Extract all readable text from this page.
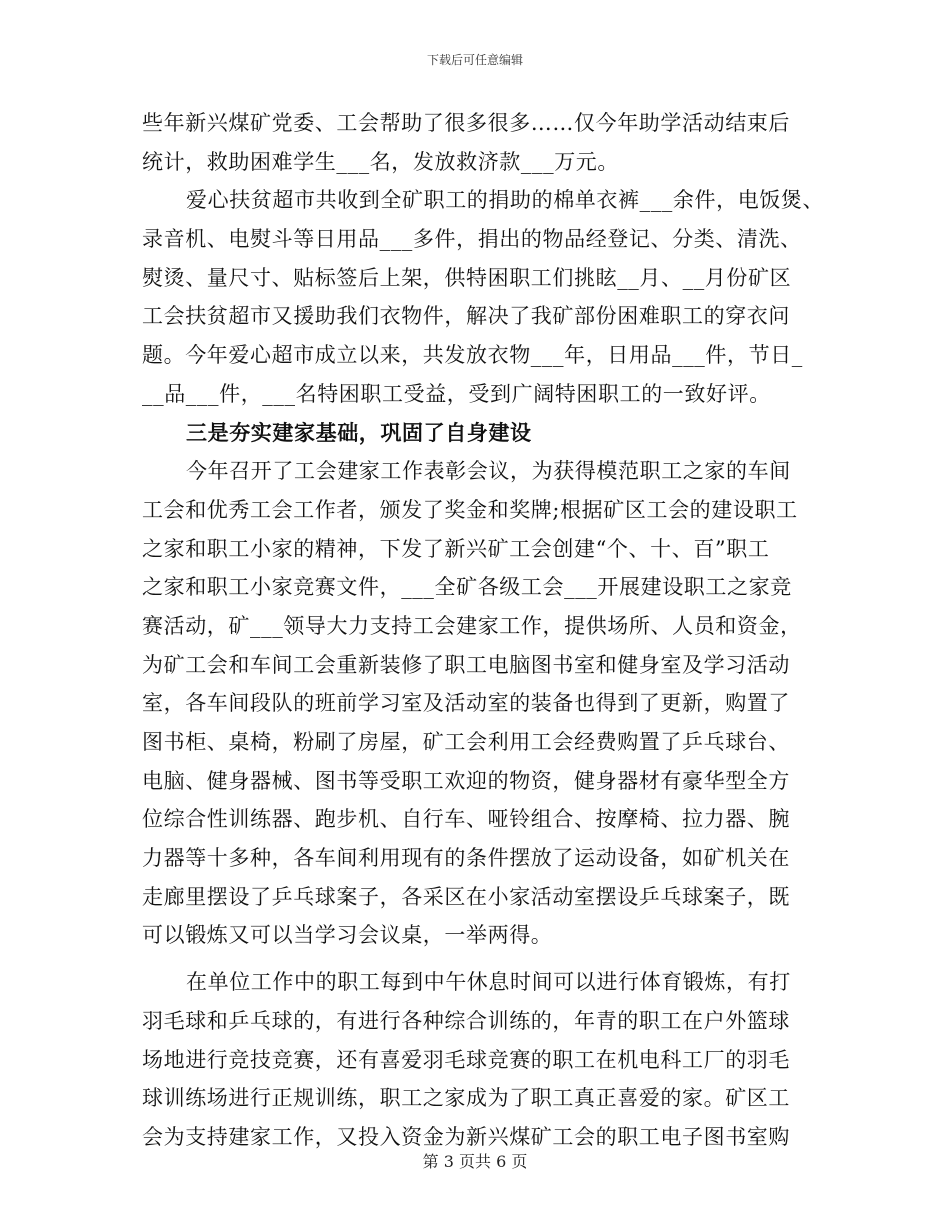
下载后可任意编辑
些年新兴煤矿党委、工会帮助了很多很多……仅今年助学活动结束后
统计，救助困难学生___名，发放救济款___万元。
爱心扶贫超市共收到全矿职工的捐助的棉单衣裤___余件，电饭煲、
录音机、电熨斗等日用品___多件，捐出的物品经登记、分类、清洗、
熨烫、量尺寸、贴标签后上架，供特困职工们挑眩__月、__月份矿区
工会扶贫超市又援助我们衣物件，解决了我矿部份困难职工的穿衣问
题。今年爱心超市成立以来，共发放衣物___年，日用品___件，节日_
__品___件，___名特困职工受益，受到广阔特困职工的一致好评。
三是夯实建家基础，巩固了自身建设
今年召开了工会建家工作表彰会议，为获得模范职工之家的车间
工会和优秀工会工作者，颁发了奖金和奖牌;根据矿区工会的建设职工
之家和职工小家的精神，下发了新兴矿工会创建“个、十、百”职工
之家和职工小家竞赛文件，___全矿各级工会___开展建设职工之家竞
赛活动，矿___领导大力支持工会建家工作，提供场所、人员和资金，
为矿工会和车间工会重新装修了职工电脑图书室和健身室及学习活动
室，各车间段队的班前学习室及活动室的装备也得到了更新，购置了
图书柜、桌椅，粉刷了房屋，矿工会利用工会经费购置了乒乓球台、
电脑、健身器械、图书等受职工欢迎的物资，健身器材有豪华型全方
位综合性训练器、跑步机、自行车、哑铃组合、按摩椅、拉力器、腕
力器等十多种，各车间利用现有的条件摆放了运动设备，如矿机关在
走廊里摆设了乒乓球案子，各采区在小家活动室摆设乒乓球案子，既
可以锻炼又可以当学习会议桌，一举两得。
在单位工作中的职工每到中午休息时间可以进行体育锻炼，有打
羽毛球和乒乓球的，有进行各种综合训练的，年青的职工在户外篮球
场地进行竞技竞赛，还有喜爱羽毛球竞赛的职工在机电科工厂的羽毛
球训练场进行正规训练，职工之家成为了职工真正喜爱的家。矿区工
会为支持建家工作，又投入资金为新兴煤矿工会的职工电子图书室购
第 3 页共 6 页
